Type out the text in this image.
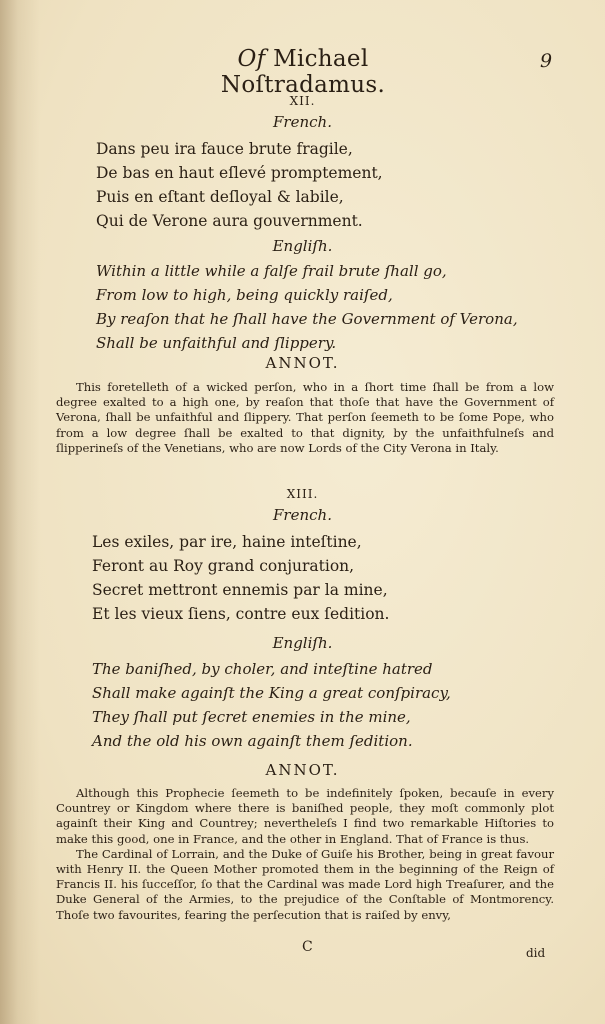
Of Michael Noſtradamus.
9
XII.
French.
Dans peu ira fauce brute fragile,
De bas en haut eſlevé promptement,
Puis en eſtant deſloyal & labile,
Qui de Verone aura gouvernment.
Engliſh.
Within a little while a falſe frail brute ſhall go,
From low to high, being quickly raiſed,
By reaſon that he ſhall have the Government of Verona,
Shall be unfaithful and ſlippery.
ANNOT.

This foretelleth of a wicked perſon, who in a ſhort time ſhall be from a low degree exalted to a high one, by reaſon that thoſe that have the Government of Verona, ſhall be unfaithful and ſlippery. That perſon ſeemeth to be ſome Pope, who from a low degree ſhall be exalted to that dignity, by the unfaithfulneſs and ſlipperineſs of the Venetians, who are now Lords of the City Verona in Italy.

XIII.
French.
Les exiles, par ire, haine inteſtine,
Feront au Roy grand conjuration,
Secret mettront ennemis par la mine,
Et les vieux ſiens, contre eux ſedition.
Engliſh.
The baniſhed, by choler, and inteſtine hatred
Shall make againſt the King a great conſpiracy,
They ſhall put ſecret enemies in the mine,
And the old his own againſt them ſedition.
ANNOT.

Although this Prophecie ſeemeth to be indefinitely ſpoken, becauſe in every Countrey or Kingdom where there is baniſhed people, they moſt commonly plot againſt their King and Countrey; nevertheleſs I find two remarkable Hiſtories to make this good, one in France, and the other in England. That of France is thus.

The Cardinal of Lorrain, and the Duke of Guiſe his Brother, being in great favour with Henry II. the Queen Mother promoted them in the beginning of the Reign of Francis II. his ſucceſſor, ſo that the Cardinal was made Lord high Treaſurer, and the Duke General of the Armies, to the prejudice of the Conſtable of Montmorency. Thoſe two favourites, fearing the perſecution that is raiſed by envy,

C	did
